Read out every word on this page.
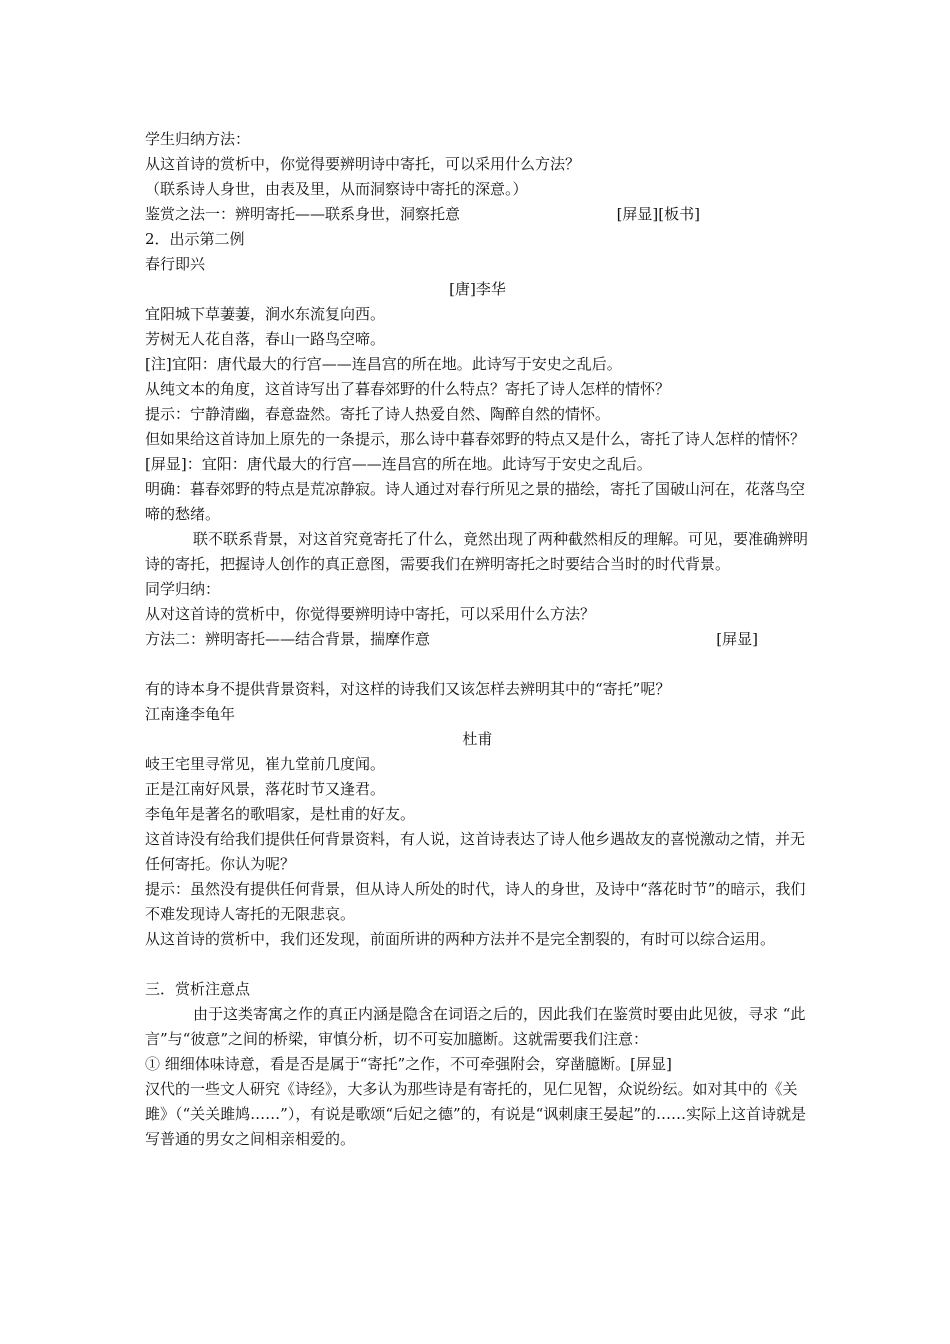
学生归纳方法：
从这首诗的赏析中，你觉得要辨明诗中寄托，可以采用什么方法？
（联系诗人身世，由表及里，从而洞察诗中寄托的深意。）
鉴赏之法一：辨明寄托——联系身世，洞察托意	[屏显][板书]
2．出示第二例
春行即兴
[唐]李华
宜阳城下草萋萋，涧水东流复向西。
芳树无人花自落，春山一路鸟空啼。
[注]宜阳：唐代最大的行宫——连昌宫的所在地。此诗写于安史之乱后。
从纯文本的角度，这首诗写出了暮春郊野的什么特点？寄托了诗人怎样的情怀？
提示：宁静清幽，春意盎然。寄托了诗人热爱自然、陶醉自然的情怀。
但如果给这首诗加上原先的一条提示，那么诗中暮春郊野的特点又是什么，寄托了诗人怎样的情怀？
[屏显]：宜阳：唐代最大的行宫——连昌宫的所在地。此诗写于安史之乱后。
明确：暮春郊野的特点是荒凉静寂。诗人通过对春行所见之景的描绘，寄托了国破山河在，花落鸟空啼的愁绪。
联不联系背景，对这首究竟寄托了什么，竟然出现了两种截然相反的理解。可见，要准确辨明诗的寄托，把握诗人创作的真正意图，需要我们在辨明寄托之时要结合当时的时代背景。
同学归纳：
从对这首诗的赏析中，你觉得要辨明诗中寄托，可以采用什么方法？
方法二：辨明寄托——结合背景，揣摩作意	[屏显]
有的诗本身不提供背景资料，对这样的诗我们又该怎样去辨明其中的“寄托”呢？
江南逢李龟年
杜甫
岐王宅里寻常见，崔九堂前几度闻。
正是江南好风景，落花时节又逢君。
李龟年是著名的歌唱家，是杜甫的好友。
这首诗没有给我们提供任何背景资料，有人说，这首诗表达了诗人他乡遇故友的喜悦激动之情，并无任何寄托。你认为呢？
提示：虽然没有提供任何背景，但从诗人所处的时代，诗人的身世，及诗中“落花时节”的暗示，我们不难发现诗人寄托的无限悲哀。
从这首诗的赏析中，我们还发现，前面所讲的两种方法并不是完全割裂的，有时可以综合运用。
三．赏析注意点
由于这类寄寓之作的真正内涵是隐含在词语之后的，因此我们在鉴赏时要由此见彼，寻求 “此言”与“彼意”之间的桥梁，审慎分析，切不可妄加臆断。这就需要我们注意：
① 细细体味诗意，看是否是属于“寄托”之作，不可牵强附会，穿凿臆断。[屏显]
汉代的一些文人研究《诗经》，大多认为那些诗是有寄托的，见仁见智，众说纷纭。如对其中的《关雎》（“关关雎鸠……”），有说是歌颂“后妃之德”的，有说是“讽刺康王晏起”的……实际上这首诗就是写普通的男女之间相亲相爱的。
